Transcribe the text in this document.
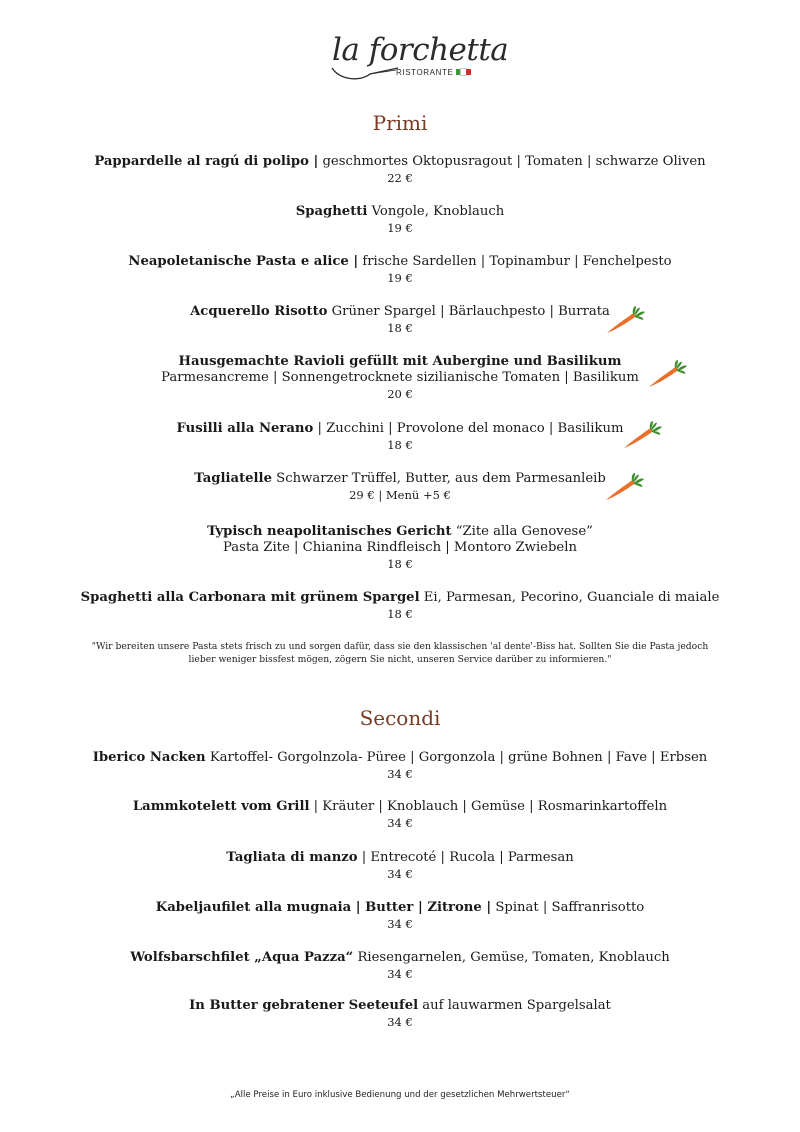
la forchetta
RISTORANTE
Primi
Pappardelle al ragú di polipo | geschmortes Oktopusragout | Tomaten | schwarze Oliven
22 €
Spaghetti Vongole, Knoblauch
19 €
Neapoletanische Pasta e alice | frische Sardellen | Topinambur | Fenchelpesto
19 €
Acquerello Risotto Grüner Spargel | Bärlauchpesto | Burrata
18 €
Hausgemachte Ravioli gefüllt mit Aubergine und Basilikum
Parmesancreme | Sonnengetrocknete sizilianische Tomaten | Basilikum
20 €
Fusilli alla Nerano | Zucchini | Provolone del monaco | Basilikum
18 €
Tagliatelle Schwarzer Trüffel, Butter, aus dem Parmesanleib
29 € | Menü +5 €
Typisch neapolitanisches Gericht “Zite alla Genovese”
Pasta Zite | Chianina Rindfleisch | Montoro Zwiebeln
18 €
Spaghetti alla Carbonara mit grünem Spargel Ei, Parmesan, Pecorino, Guanciale di maiale
18 €
"Wir bereiten unsere Pasta stets frisch zu und sorgen dafür, dass sie den klassischen 'al dente'-Biss hat. Sollten Sie die Pasta jedoch lieber weniger bissfest mögen, zögern Sie nicht, unseren Service darüber zu informieren."
Secondi
Iberico Nacken Kartoffel- Gorgolnzola- Püree | Gorgonzola | grüne Bohnen | Fave | Erbsen
34 €
Lammkotelett vom Grill | Kräuter | Knoblauch | Gemüse | Rosmarinkartoffeln
34 €
Tagliata di manzo | Entrecoté | Rucola | Parmesan
34 €
Kabeljaufilet alla mugnaia | Butter | Zitrone | Spinat | Saffranrisotto
34 €
Wolfsbarschfilet „Aqua Pazza“ Riesengarnelen, Gemüse, Tomaten, Knoblauch
34 €
In Butter gebratener Seeteufel auf lauwarmen Spargelsalat
34 €
„Alle Preise in Euro inklusive Bedienung und der gesetzlichen Mehrwertsteuer“
